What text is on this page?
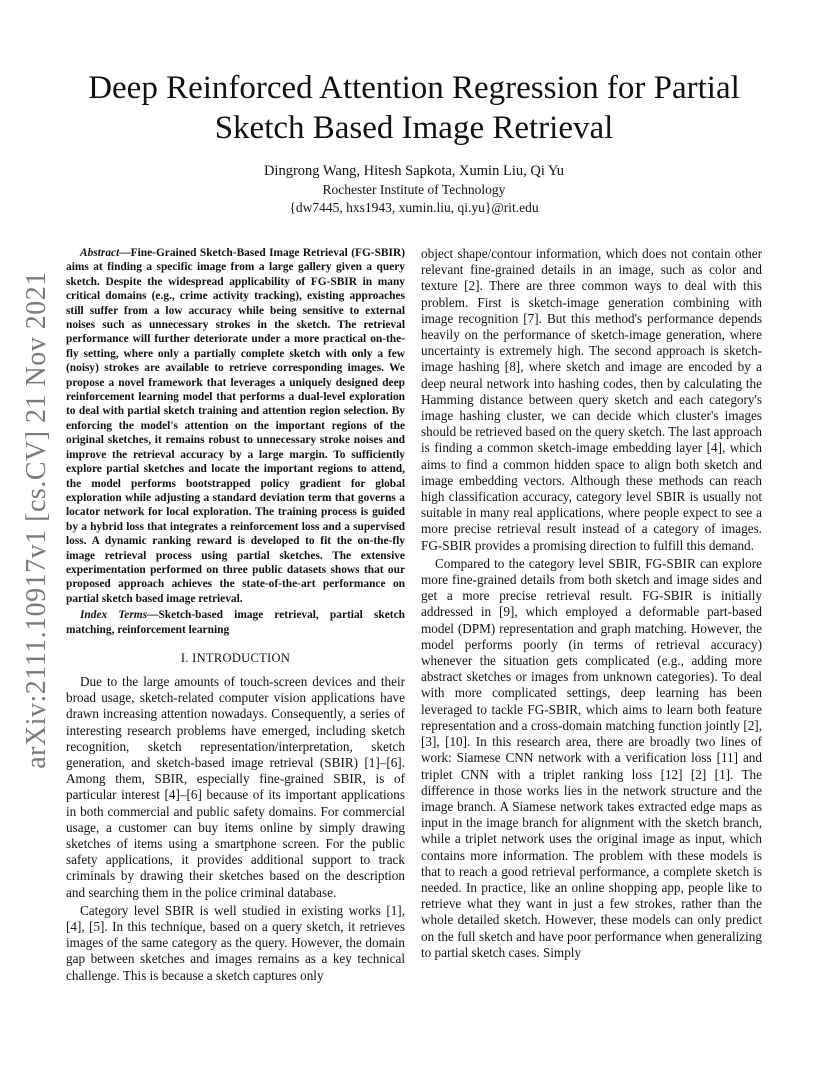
arXiv:2111.10917v1 [cs.CV] 21 Nov 2021
Deep Reinforced Attention Regression for Partial Sketch Based Image Retrieval
Dingrong Wang, Hitesh Sapkota, Xumin Liu, Qi Yu
Rochester Institute of Technology
{dw7445, hxs1943, xumin.liu, qi.yu}@rit.edu

Abstract—Fine-Grained Sketch-Based Image Retrieval (FG-SBIR) aims at finding a specific image from a large gallery given a query sketch. Despite the widespread applicability of FG-SBIR in many critical domains (e.g., crime activity tracking), existing approaches still suffer from a low accuracy while being sensitive to external noises such as unnecessary strokes in the sketch. The retrieval performance will further deteriorate under a more practical on-the-fly setting, where only a partially complete sketch with only a few (noisy) strokes are available to retrieve corresponding images. We propose a novel framework that leverages a uniquely designed deep reinforcement learning model that performs a dual-level exploration to deal with partial sketch training and attention region selection. By enforcing the model's attention on the important regions of the original sketches, it remains robust to unnecessary stroke noises and improve the retrieval accuracy by a large margin. To sufficiently explore partial sketches and locate the important regions to attend, the model performs bootstrapped policy gradient for global exploration while adjusting a standard deviation term that governs a locator network for local exploration. The training process is guided by a hybrid loss that integrates a reinforcement loss and a supervised loss. A dynamic ranking reward is developed to fit the on-the-fly image retrieval process using partial sketches. The extensive experimentation performed on three public datasets shows that our proposed approach achieves the state-of-the-art performance on partial sketch based image retrieval.

Index Terms—Sketch-based image retrieval, partial sketch matching, reinforcement learning

I. INTRODUCTION

Due to the large amounts of touch-screen devices and their broad usage, sketch-related computer vision applications have drawn increasing attention nowadays. Consequently, a series of interesting research problems have emerged, including sketch recognition, sketch representation/interpretation, sketch generation, and sketch-based image retrieval (SBIR) [1]–[6]. Among them, SBIR, especially fine-grained SBIR, is of particular interest [4]–[6] because of its important applications in both commercial and public safety domains. For commercial usage, a customer can buy items online by simply drawing sketches of items using a smartphone screen. For the public safety applications, it provides additional support to track criminals by drawing their sketches based on the description and searching them in the police criminal database.

Category level SBIR is well studied in existing works [1], [4], [5]. In this technique, based on a query sketch, it retrieves images of the same category as the query. However, the domain gap between sketches and images remains as a key technical challenge. This is because a sketch captures only

object shape/contour information, which does not contain other relevant fine-grained details in an image, such as color and texture [2]. There are three common ways to deal with this problem. First is sketch-image generation combining with image recognition [7]. But this method's performance depends heavily on the performance of sketch-image generation, where uncertainty is extremely high. The second approach is sketch-image hashing [8], where sketch and image are encoded by a deep neural network into hashing codes, then by calculating the Hamming distance between query sketch and each category's image hashing cluster, we can decide which cluster's images should be retrieved based on the query sketch. The last approach is finding a common sketch-image embedding layer [4], which aims to find a common hidden space to align both sketch and image embedding vectors. Although these methods can reach high classification accuracy, category level SBIR is usually not suitable in many real applications, where people expect to see a more precise retrieval result instead of a category of images. FG-SBIR provides a promising direction to fulfill this demand.

Compared to the category level SBIR, FG-SBIR can explore more fine-grained details from both sketch and image sides and get a more precise retrieval result. FG-SBIR is initially addressed in [9], which employed a deformable part-based model (DPM) representation and graph matching. However, the model performs poorly (in terms of retrieval accuracy) whenever the situation gets complicated (e.g., adding more abstract sketches or images from unknown categories). To deal with more complicated settings, deep learning has been leveraged to tackle FG-SBIR, which aims to learn both feature representation and a cross-domain matching function jointly [2], [3], [10]. In this research area, there are broadly two lines of work: Siamese CNN network with a verification loss [11] and triplet CNN with a triplet ranking loss [12] [2] [1]. The difference in those works lies in the network structure and the image branch. A Siamese network takes extracted edge maps as input in the image branch for alignment with the sketch branch, while a triplet network uses the original image as input, which contains more information. The problem with these models is that to reach a good retrieval performance, a complete sketch is needed. In practice, like an online shopping app, people like to retrieve what they want in just a few strokes, rather than the whole detailed sketch. However, these models can only predict on the full sketch and have poor performance when generalizing to partial sketch cases. Simply
